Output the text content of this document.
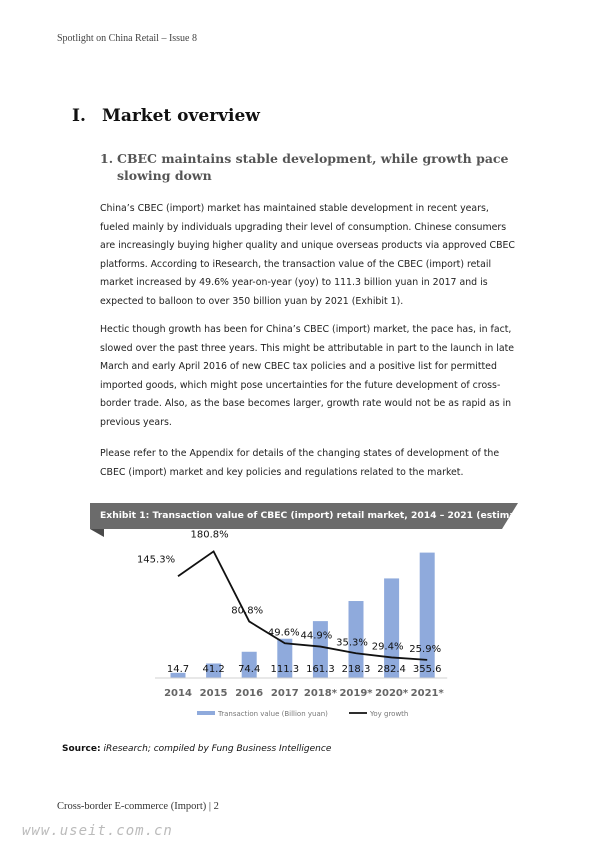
Spotlight on China Retail – Issue 8
I. Market overview
1. CBEC maintains stable development, while growth pace slowing down
China’s CBEC (import) market has maintained stable development in recent years, fueled mainly by individuals upgrading their level of consumption. Chinese consumers are increasingly buying higher quality and unique overseas products via approved CBEC platforms. According to iResearch, the transaction value of the CBEC (import) retail market increased by 49.6% year-on-year (yoy) to 111.3 billion yuan in 2017 and is expected to balloon to over 350 billion yuan by 2021 (Exhibit 1).
Hectic though growth has been for China’s CBEC (import) market, the pace has, in fact, slowed over the past three years. This might be attributable in part to the launch in late March and early April 2016 of new CBEC tax policies and a positive list for permitted imported goods, which might pose uncertainties for the future development of cross-border trade. Also, as the base becomes larger, growth rate would not be as rapid as in previous years.
Please refer to the Appendix for details of the changing states of development of the CBEC (import) market and key policies and regulations related to the market.
Exhibit 1: Transaction value of CBEC (import) retail market, 2014 – 2021 (estimates)
145.3%
180.8%
80.8%
49.6% 44.9%
35.3% 29.4% 25.9%
14.7 41.2 74.4 111.3 161.3 218.3 282.4 355.6
2014 2015 2016 2017 2018* 2019* 2020* 2021*
Transaction value (Billion yuan)	Yoy growth
Source: iResearch; compiled by Fung Business Intelligence
Cross-border E-commerce (Import) | 2
www.useit.com.cn
